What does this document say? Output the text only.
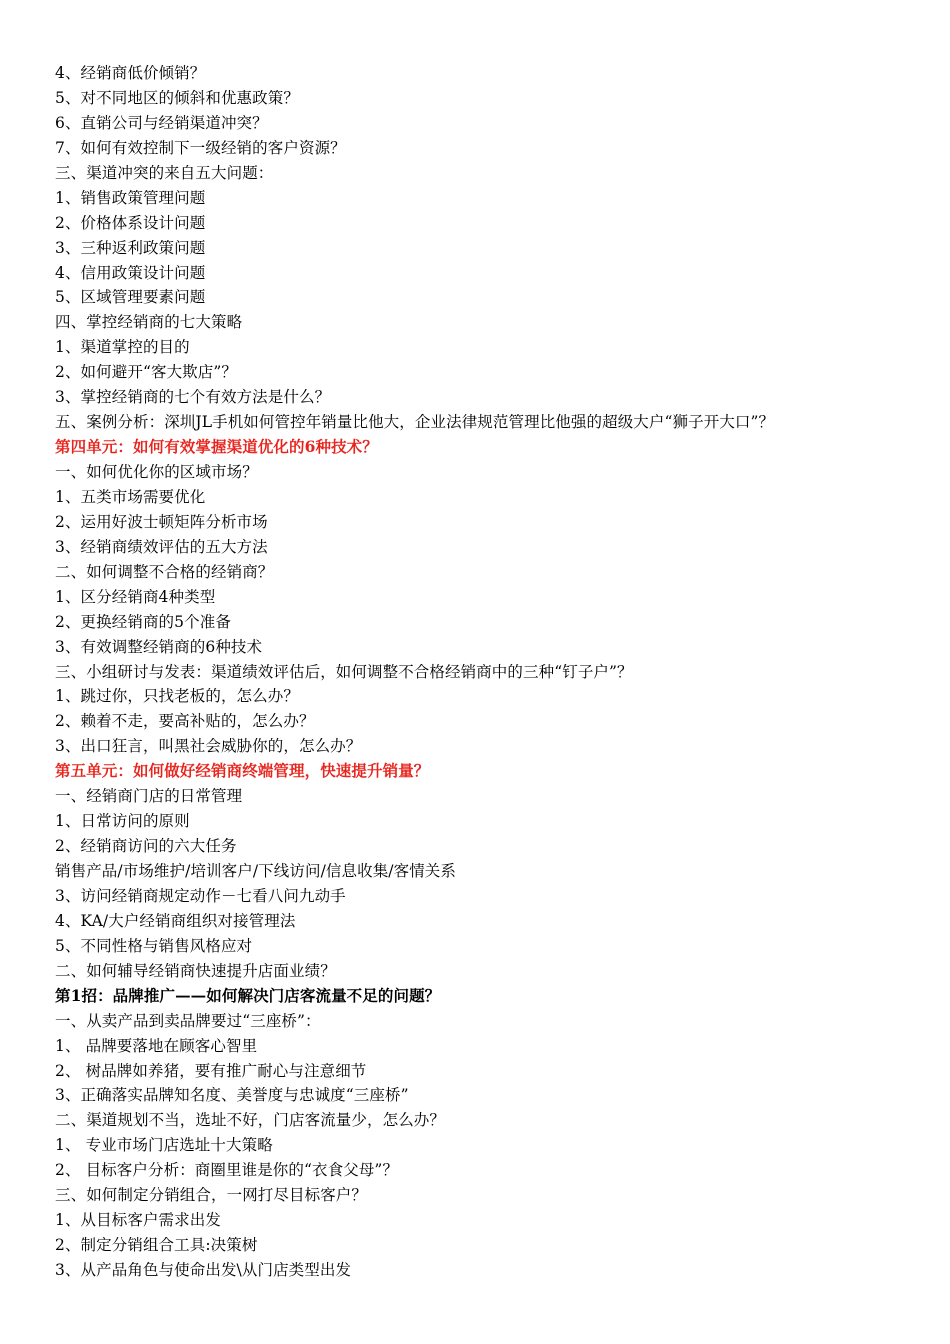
4、经销商低价倾销？
5、对不同地区的倾斜和优惠政策？
6、直销公司与经销渠道冲突？
7、如何有效控制下一级经销的客户资源？
三、渠道冲突的来自五大问题：
1、销售政策管理问题
2、价格体系设计问题
3、三种返利政策问题
4、信用政策设计问题
5、区域管理要素问题
四、掌控经销商的七大策略
1、渠道掌控的目的
2、如何避开“客大欺店”？
3、掌控经销商的七个有效方法是什么？
五、案例分析：深圳JL手机如何管控年销量比他大，企业法律规范管理比他强的超级大户“狮子开大口”？
第四单元：如何有效掌握渠道优化的6种技术？
一、如何优化你的区域市场？
1、五类市场需要优化
2、运用好波士顿矩阵分析市场
3、经销商绩效评估的五大方法
二、如何调整不合格的经销商？
1、区分经销商4种类型
2、更换经销商的5个准备
3、有效调整经销商的6种技术
三、小组研讨与发表：渠道绩效评估后，如何调整不合格经销商中的三种“钉子户”？
1、跳过你，只找老板的，怎么办？
2、赖着不走，要高补贴的，怎么办？
3、出口狂言，叫黑社会威胁你的，怎么办？
第五单元：如何做好经销商终端管理，快速提升销量？
一、经销商门店的日常管理
1、日常访问的原则
2、经销商访问的六大任务
销售产品/市场维护/培训客户/下线访问/信息收集/客情关系
3、访问经销商规定动作－七看八问九动手
4、KA/大户经销商组织对接管理法
5、不同性格与销售风格应对
二、如何辅导经销商快速提升店面业绩？
第1招：品牌推广——如何解决门店客流量不足的问题？
一、从卖产品到卖品牌要过“三座桥”：
1、 品牌要落地在顾客心智里
2、 树品牌如养猪，要有推广耐心与注意细节
3、正确落实品牌知名度、美誉度与忠诚度“三座桥”
二、渠道规划不当，选址不好，门店客流量少，怎么办？
1、 专业市场门店选址十大策略
2、 目标客户分析：商圈里谁是你的“衣食父母”？
三、如何制定分销组合，一网打尽目标客户？
1、从目标客户需求出发
2、制定分销组合工具:决策树
3、从产品角色与使命出发\从门店类型出发
